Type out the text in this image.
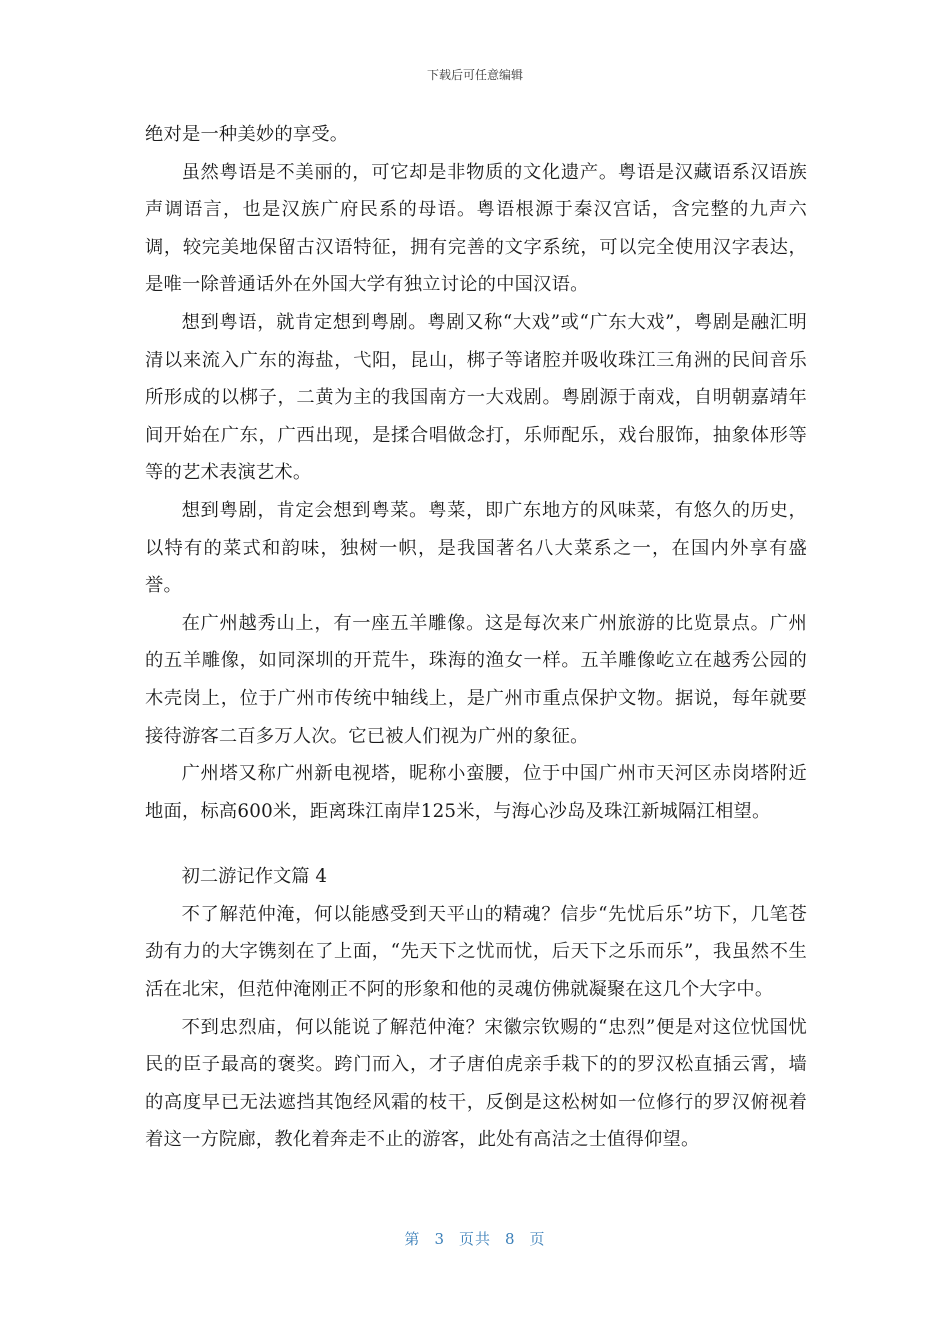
下载后可任意编辑

绝对是一种美妙的享受。

虽然粤语是不美丽的，可它却是非物质的文化遗产。粤语是汉藏语系汉语族声调语言，也是汉族广府民系的母语。粤语根源于秦汉宫话，含完整的九声六调，较完美地保留古汉语特征，拥有完善的文字系统，可以完全使用汉字表达，是唯一除普通话外在外国大学有独立讨论的中国汉语。

想到粤语，就肯定想到粤剧。粤剧又称“大戏”或“广东大戏”，粤剧是融汇明清以来流入广东的海盐，弋阳，昆山，梆子等诸腔并吸收珠江三角洲的民间音乐所形成的以梆子，二黄为主的我国南方一大戏剧。粤剧源于南戏，自明朝嘉靖年间开始在广东，广西出现，是揉合唱做念打，乐师配乐，戏台服饰，抽象体形等等的艺术表演艺术。

想到粤剧，肯定会想到粤菜。粤菜，即广东地方的风味菜，有悠久的历史，以特有的菜式和韵味，独树一帜，是我国著名八大菜系之一，在国内外享有盛誉。

在广州越秀山上，有一座五羊雕像。这是每次来广州旅游的比览景点。广州的五羊雕像，如同深圳的开荒牛，珠海的渔女一样。五羊雕像屹立在越秀公园的木壳岗上，位于广州市传统中轴线上，是广州市重点保护文物。据说，每年就要接待游客二百多万人次。它已被人们视为广州的象征。

广州塔又称广州新电视塔，昵称小蛮腰，位于中国广州市天河区赤岗塔附近地面，标高600米，距离珠江南岸125米，与海心沙岛及珠江新城隔江相望。

初二游记作文篇 4

不了解范仲淹，何以能感受到天平山的精魂？信步“先忧后乐”坊下，几笔苍劲有力的大字镌刻在了上面，“先天下之忧而忧，后天下之乐而乐”，我虽然不生活在北宋，但范仲淹刚正不阿的形象和他的灵魂仿佛就凝聚在这几个大字中。

不到忠烈庙，何以能说了解范仲淹？宋徽宗钦赐的“忠烈”便是对这位忧国忧民的臣子最高的褒奖。跨门而入，才子唐伯虎亲手栽下的的罗汉松直插云霄，墙的高度早已无法遮挡其饱经风霜的枝干，反倒是这松树如一位修行的罗汉俯视着着这一方院廊，教化着奔走不止的游客，此处有高洁之士值得仰望。

第 3 页共 8 页
